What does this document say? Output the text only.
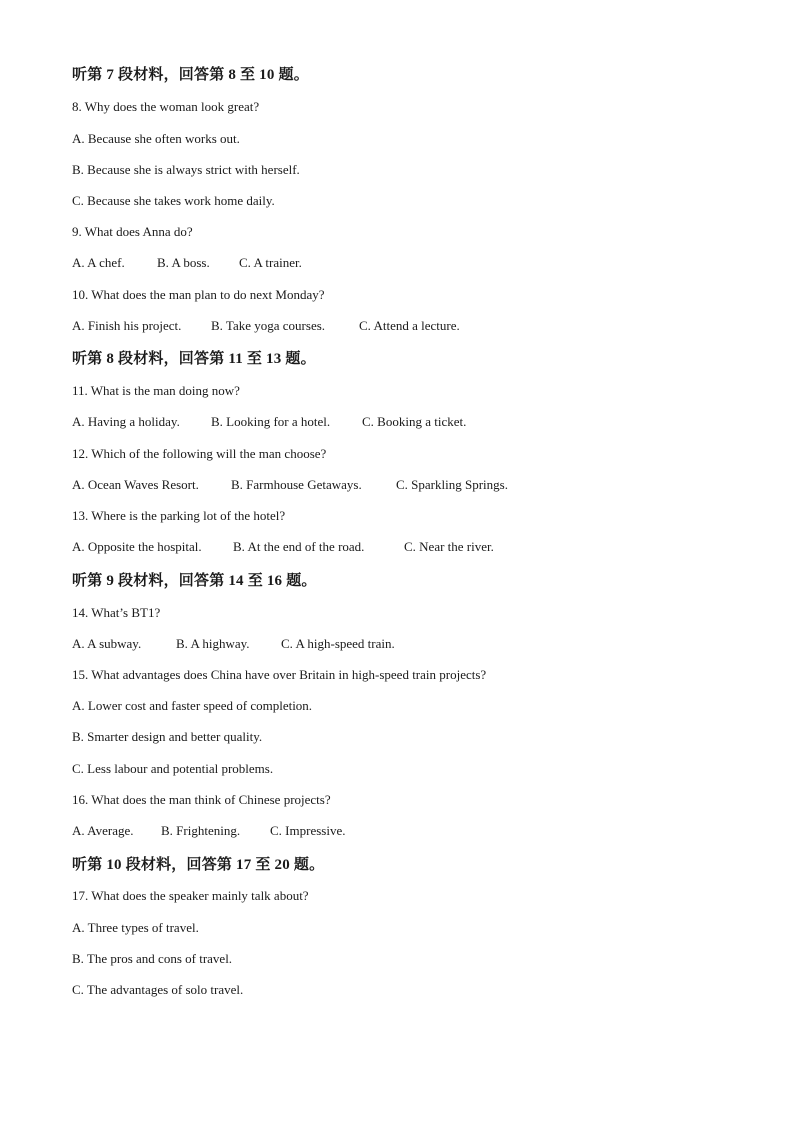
听第 7 段材料，回答第 8 至 10 题。
8. Why does the woman look great?
A. Because she often works out.
B. Because she is always strict with herself.
C. Because she takes work home daily.
9. What does Anna do?
A. A chef. B. A boss. C. A trainer.
10. What does the man plan to do next Monday?
A. Finish his project. B. Take yoga courses.	C. Attend a lecture.
听第 8 段材料，回答第 11 至 13 题。
11. What is the man doing now?
A. Having a holiday. B. Looking for a hotel. C. Booking a ticket.
12. Which of the following will the man choose?
A. Ocean Waves Resort. B. Farmhouse Getaways.	C. Sparkling Springs.
13. Where is the parking lot of the hotel?
A. Opposite the hospital. B. At the end of the road.	C. Near the river.
听第 9 段材料，回答第 14 至 16 题。
14. What’s BT1?
A. A subway.	B. A highway. C. A high-speed train.
15. What advantages does China have over Britain in high-speed train projects?
A. Lower cost and faster speed of completion.
B. Smarter design and better quality.
C. Less labour and potential problems.
16. What does the man think of Chinese projects?
A. Average. B. Frightening. C. Impressive.
听第 10 段材料，回答第 17 至 20 题。
17. What does the speaker mainly talk about?
A. Three types of travel.
B. The pros and cons of travel.
C. The advantages of solo travel.
